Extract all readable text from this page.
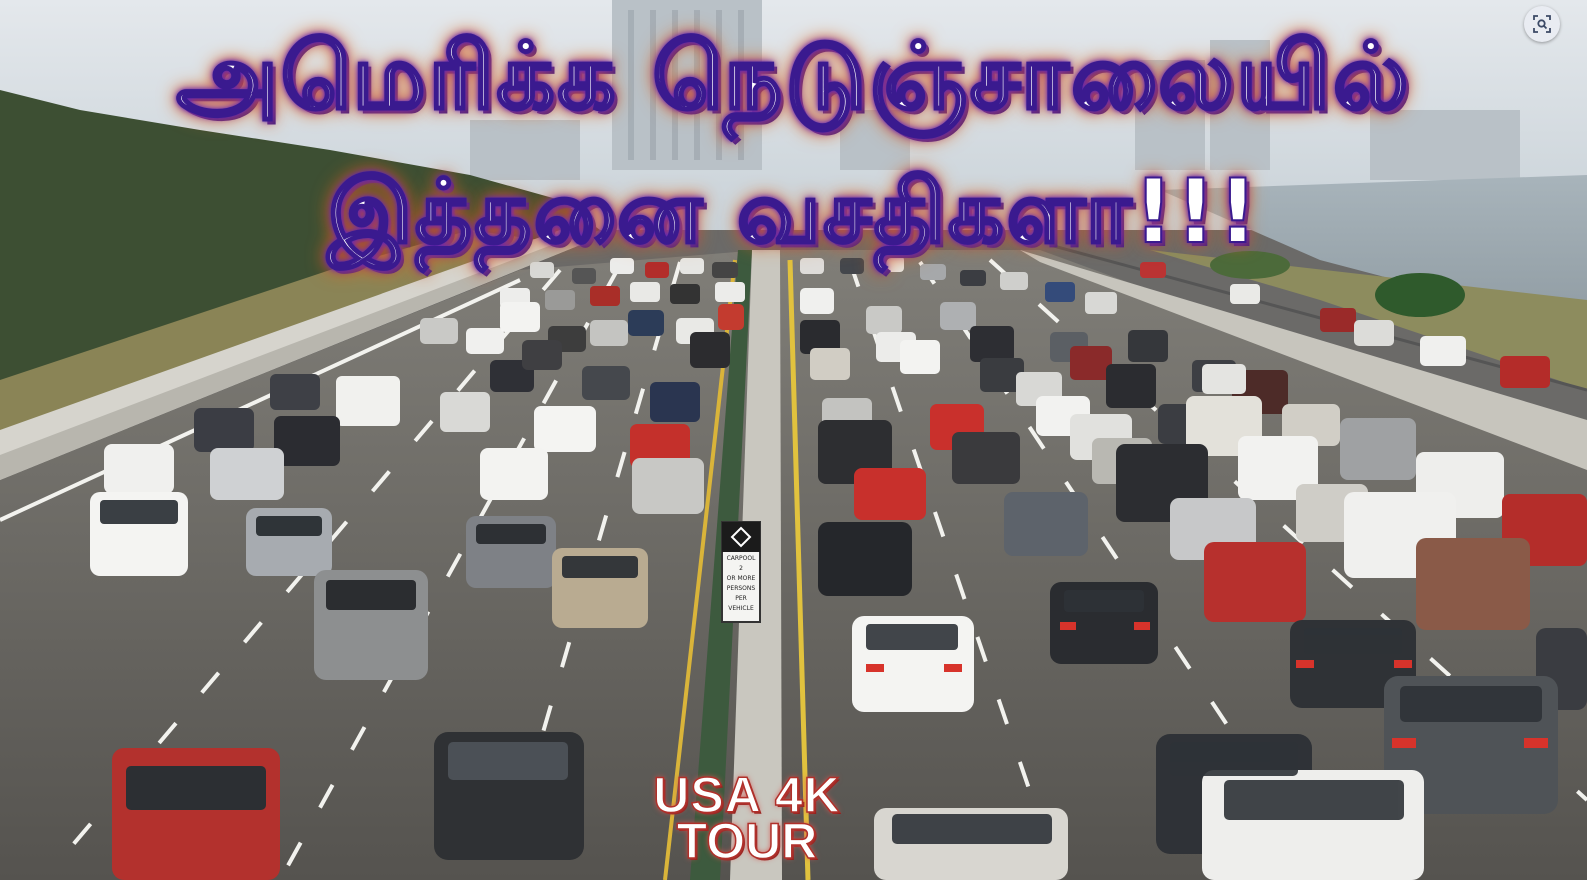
CARPOOL
2
OR MORE
PERSONS
PER
VEHICLE
அமெரிக்க நெடுஞ்சாலையில்
இத்தனை வசதிகளா!!!
USA 4K
TOUR
